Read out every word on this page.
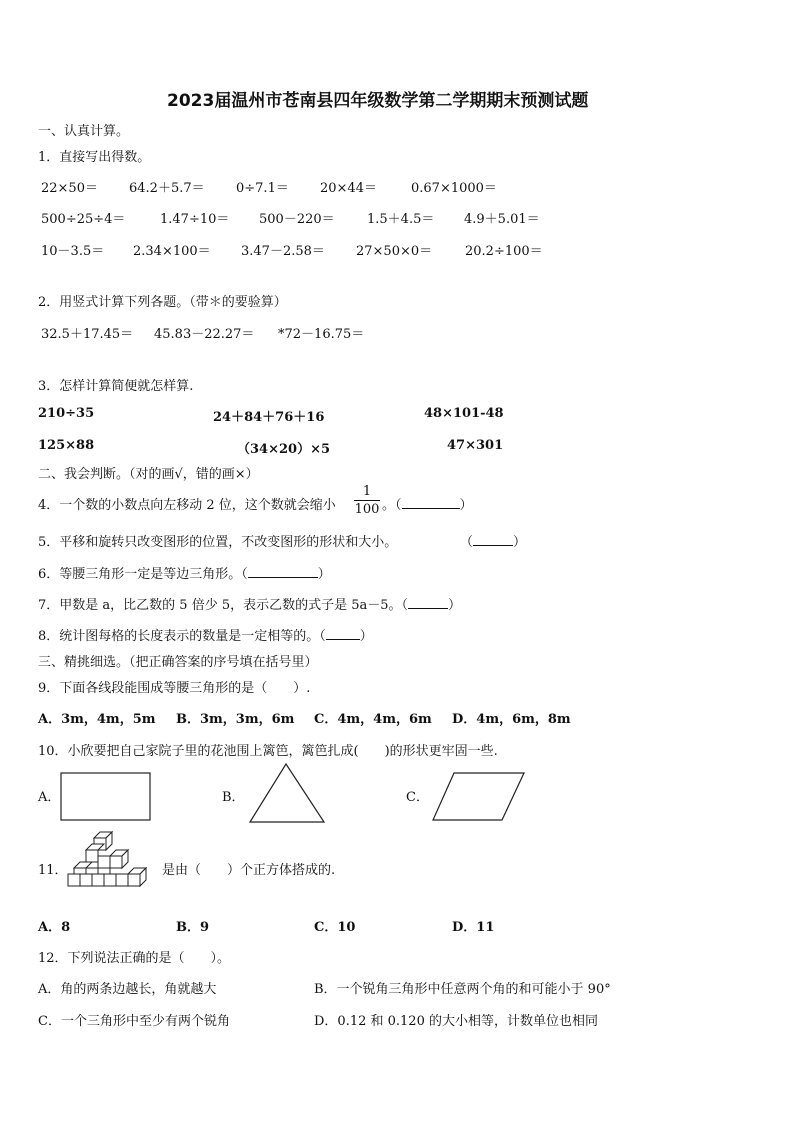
2023届温州市苍南县四年级数学第二学期期末预测试题
一、认真计算。
1．直接写出得数。
22×50＝ 64.2＋5.7＝ 0÷7.1＝ 20×44＝	0.67×1000＝
500÷25÷4＝	1.47÷10＝ 500－220＝ 1.5＋4.5＝ 4.9＋5.01＝
10－3.5＝ 2.34×100＝ 3.47－2.58＝ 27×50×0＝	20.2÷100＝
2．用竖式计算下列各题。（带＊的要验算）
32.5＋17.45＝ 45.83－22.27＝ *72－16.75＝
3．怎样计算简便就怎样算.
210÷35	24＋84＋76＋16	48×101-48
125×88	（34×20）×5	47×301
二、我会判断。（对的画√，错的画×）
4．一个数的小数点向左移动 2 位，这个数就会缩小 $\frac{1}{100}$ 。（	）
5．平移和旋转只改变图形的位置，不改变图形的形状和大小。	（	）
6．等腰三角形一定是等边三角形。（	）
7．甲数是 a，比乙数的 5 倍少 5，表示乙数的式子是 5a－5。（	）
8．统计图每格的长度表示的数量是一定相等的。（	）
三、精挑细选。（把正确答案的序号填在括号里）
9．下面各线段能围成等腰三角形的是（　　）.
A．3m，4m，5m B．3m，3m，6m C．4m，4m，6m D．4m，6m，8m
10．小欣要把自己家院子里的花池围上篱笆，篱笆扎成(　　)的形状更牢固一些.
A．	B．	C．
11．	是由（　　）个正方体搭成的.
A．8	B．9	C．10	D．11
12．下列说法正确的是（　　）。
A．角的两条边越长，角就越大	B．一个锐角三角形中任意两个角的和可能小于 90°
C．一个三角形中至少有两个锐角	D．0.12 和 0.120 的大小相等，计数单位也相同
